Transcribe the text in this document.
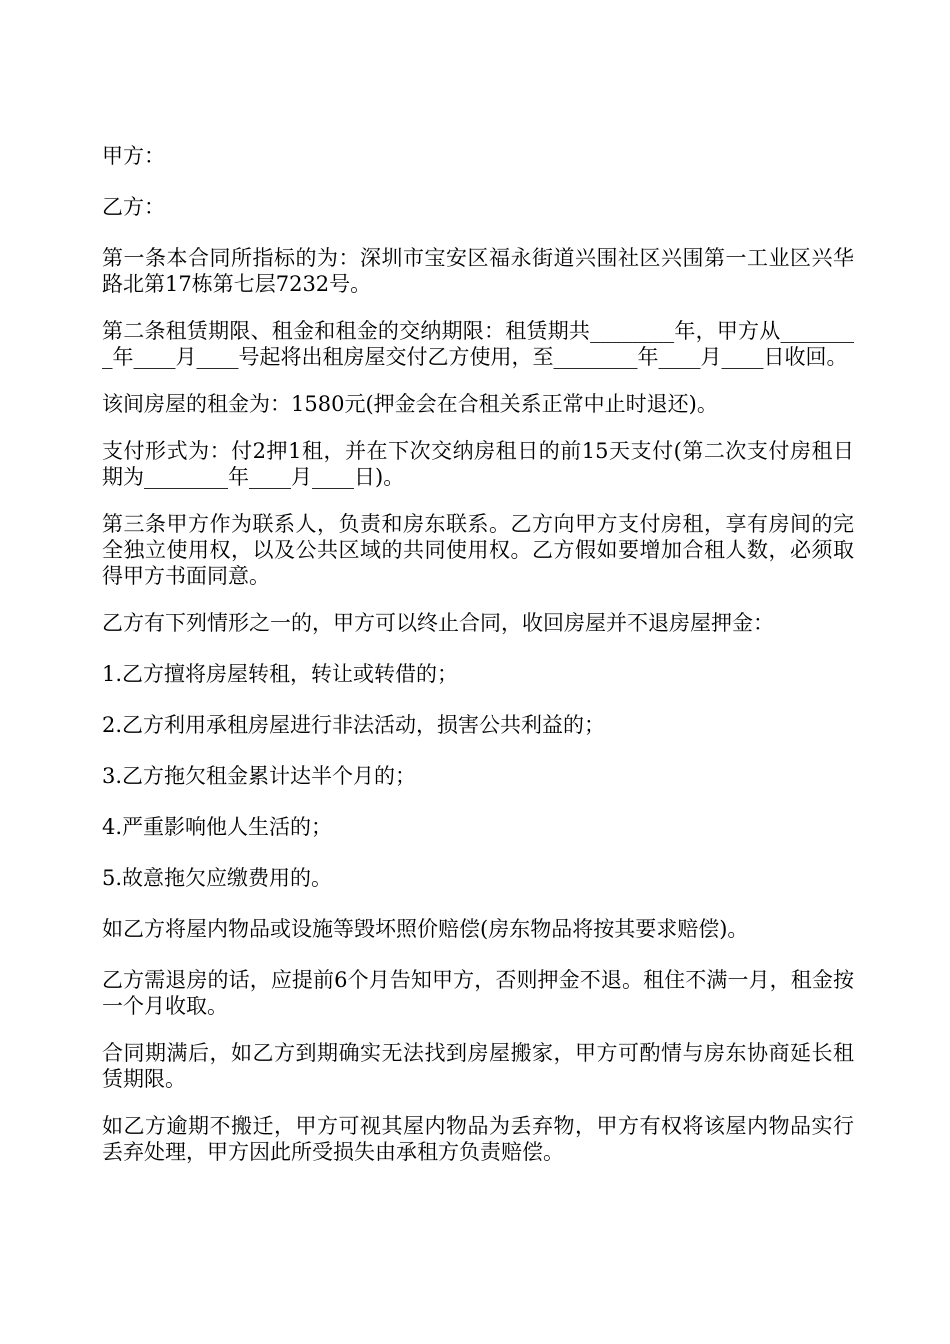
甲方：

乙方：

第一条本合同所指标的为：深圳市宝安区福永街道兴围社区兴围第一工业区兴华路北第17栋第七层7232号。

第二条租赁期限、租金和租金的交纳期限：租赁期共________年，甲方从________年____月____号起将出租房屋交付乙方使用，至________年____月____日收回。

该间房屋的租金为：1580元(押金会在合租关系正常中止时退还)。

支付形式为：付2押1租，并在下次交纳房租日的前15天支付(第二次支付房租日期为________年____月____日)。

第三条甲方作为联系人，负责和房东联系。乙方向甲方支付房租，享有房间的完全独立使用权，以及公共区域的共同使用权。乙方假如要增加合租人数，必须取得甲方书面同意。

乙方有下列情形之一的，甲方可以终止合同，收回房屋并不退房屋押金：

1.乙方擅将房屋转租，转让或转借的；

2.乙方利用承租房屋进行非法活动，损害公共利益的；

3.乙方拖欠租金累计达半个月的；

4.严重影响他人生活的；

5.故意拖欠应缴费用的。

如乙方将屋内物品或设施等毁坏照价赔偿(房东物品将按其要求赔偿)。

乙方需退房的话，应提前6个月告知甲方，否则押金不退。租住不满一月，租金按一个月收取。

合同期满后，如乙方到期确实无法找到房屋搬家，甲方可酌情与房东协商延长租赁期限。

如乙方逾期不搬迁，甲方可视其屋内物品为丢弃物，甲方有权将该屋内物品实行丢弃处理，甲方因此所受损失由承租方负责赔偿。
